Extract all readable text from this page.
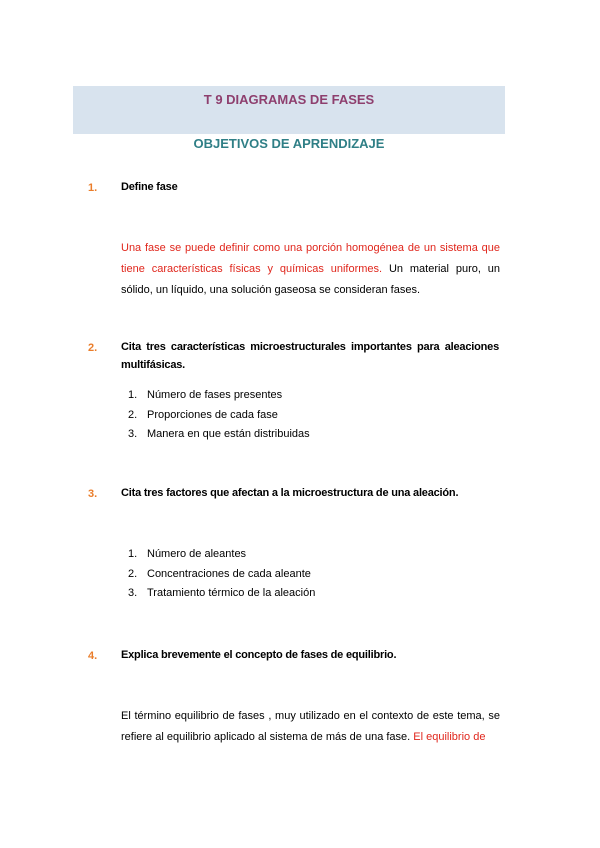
T 9 DIAGRAMAS DE FASES
OBJETIVOS DE APRENDIZAJE
1. Define fase
Una fase se puede definir como una porción homogénea de un sistema que tiene características físicas y químicas uniformes. Un material puro, un sólido, un líquido, una solución gaseosa se consideran fases.
2. Cita tres características microestructurales importantes para aleaciones multifásicas.
1. Número de fases presentes
2. Proporciones de cada fase
3. Manera en que están distribuidas
3. Cita tres factores que afectan a la microestructura de una aleación.
1. Número de aleantes
2. Concentraciones de cada aleante
3. Tratamiento térmico de la aleación
4. Explica brevemente el concepto de fases de equilibrio.
El término equilibrio de fases , muy utilizado en el contexto de este tema, se refiere al equilibrio aplicado al sistema de más de una fase. El equilibrio de
